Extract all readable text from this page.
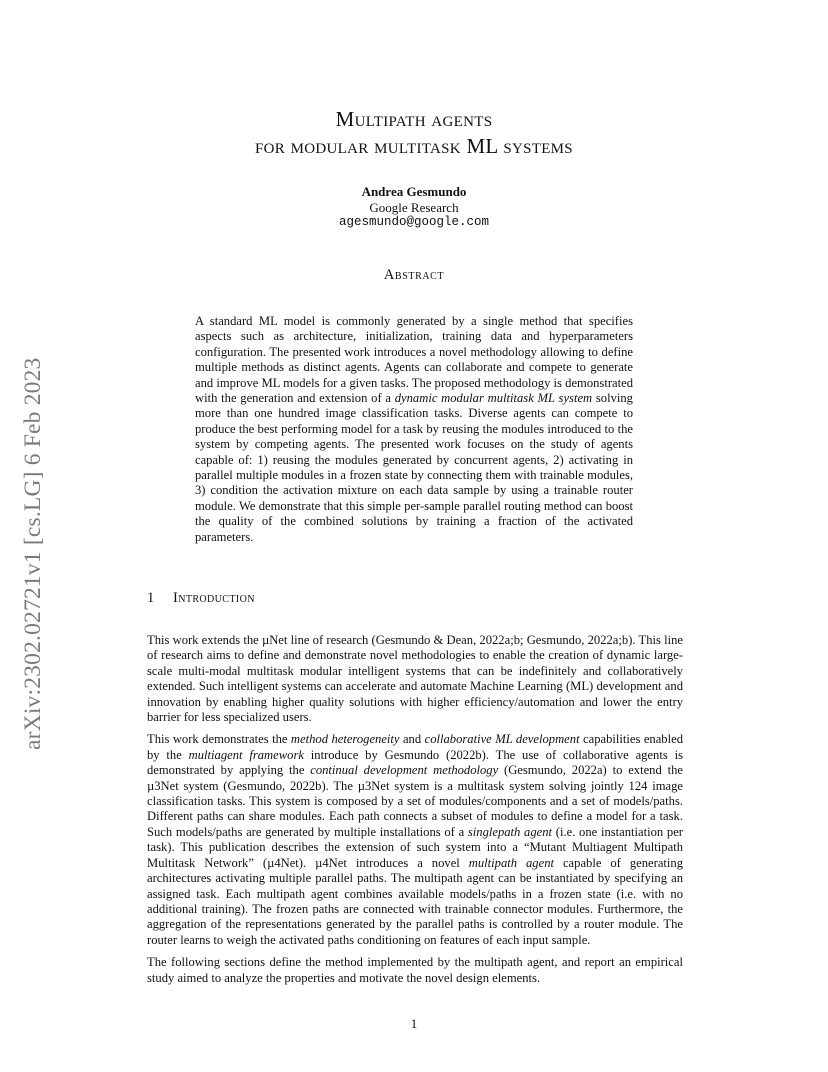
arXiv:2302.02721v1 [cs.LG] 6 Feb 2023
Multipath agents
for modular multitask ML systems
Andrea Gesmundo
Google Research
agesmundo@google.com
Abstract
A standard ML model is commonly generated by a single method that specifies aspects such as architecture, initialization, training data and hyperparameters configuration. The presented work introduces a novel methodology allowing to define multiple methods as distinct agents. Agents can collaborate and compete to generate and improve ML models for a given tasks. The proposed methodology is demonstrated with the generation and extension of a dynamic modular multitask ML system solving more than one hundred image classification tasks. Diverse agents can compete to produce the best performing model for a task by reusing the modules introduced to the system by competing agents. The presented work focuses on the study of agents capable of: 1) reusing the modules generated by concurrent agents, 2) activating in parallel multiple modules in a frozen state by connecting them with trainable modules, 3) condition the activation mixture on each data sample by using a trainable router module. We demonstrate that this simple per-sample parallel routing method can boost the quality of the combined solutions by training a fraction of the activated parameters.
1 Introduction

This work extends the µNet line of research (Gesmundo & Dean, 2022a;b; Gesmundo, 2022a;b). This line of research aims to define and demonstrate novel methodologies to enable the creation of dynamic large-scale multi-modal multitask modular intelligent systems that can be indefinitely and collaboratively extended. Such intelligent systems can accelerate and automate Machine Learning (ML) development and innovation by enabling higher quality solutions with higher efficiency/automation and lower the entry barrier for less specialized users.

This work demonstrates the method heterogeneity and collaborative ML development capabilities enabled by the multiagent framework introduce by Gesmundo (2022b). The use of collaborative agents is demonstrated by applying the continual development methodology (Gesmundo, 2022a) to extend the µ3Net system (Gesmundo, 2022b). The µ3Net system is a multitask system solving jointly 124 image classification tasks. This system is composed by a set of modules/components and a set of models/paths. Different paths can share modules. Each path connects a subset of modules to define a model for a task. Such models/paths are generated by multiple installations of a singlepath agent (i.e. one instantiation per task). This publication describes the extension of such system into a “Mutant Multiagent Multipath Multitask Network” (µ4Net). µ4Net introduces a novel multipath agent capable of generating architectures activating multiple parallel paths. The multipath agent can be instantiated by specifying an assigned task. Each multipath agent combines available models/paths in a frozen state (i.e. with no additional training). The frozen paths are connected with trainable connector modules. Furthermore, the aggregation of the representations generated by the parallel paths is controlled by a router module. The router learns to weigh the activated paths conditioning on features of each input sample.

The following sections define the method implemented by the multipath agent, and report an empirical study aimed to analyze the properties and motivate the novel design elements.

1
